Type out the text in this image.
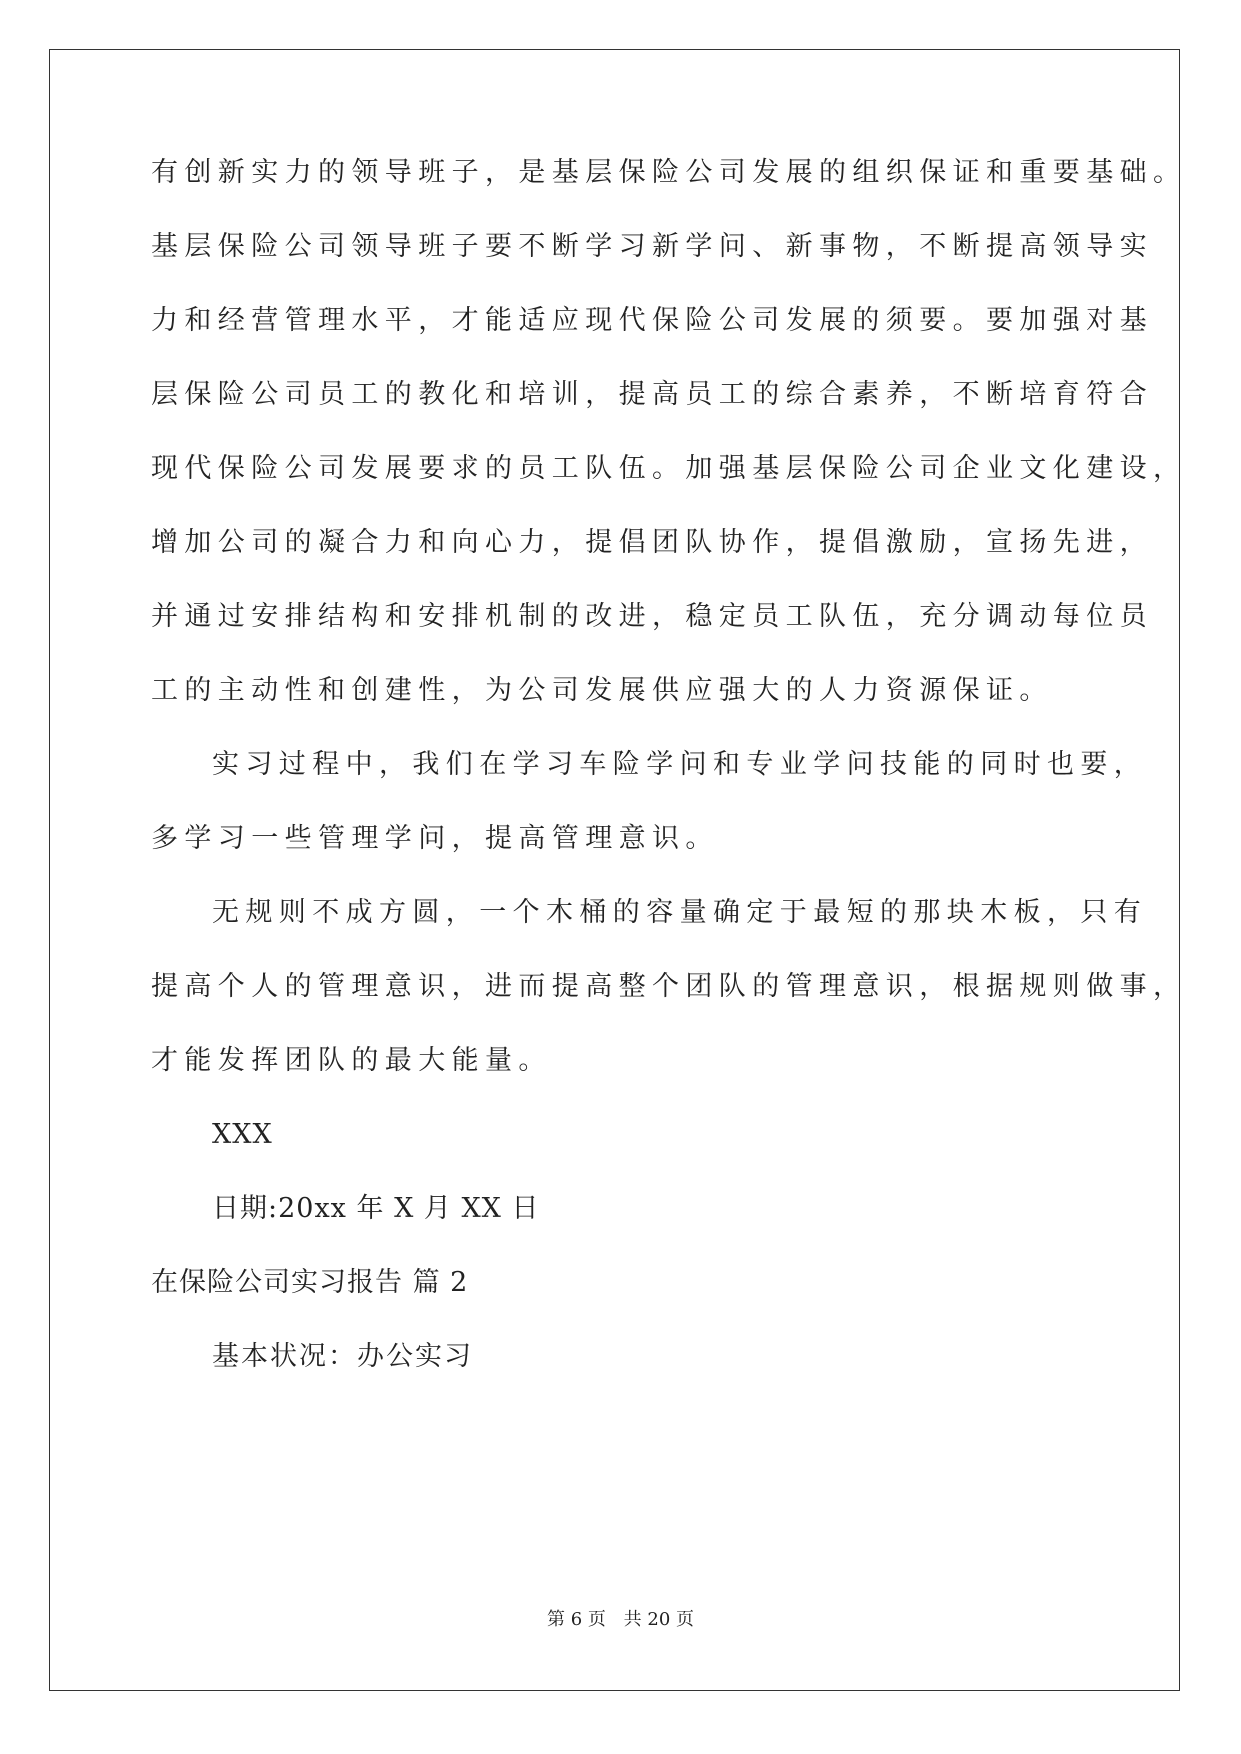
有创新实力的领导班子，是基层保险公司发展的组织保证和重要基础。
基层保险公司领导班子要不断学习新学问、新事物，不断提高领导实
力和经营管理水平，才能适应现代保险公司发展的须要。要加强对基
层保险公司员工的教化和培训，提高员工的综合素养，不断培育符合
现代保险公司发展要求的员工队伍。加强基层保险公司企业文化建设，
增加公司的凝合力和向心力，提倡团队协作，提倡激励，宣扬先进，
并通过安排结构和安排机制的改进，稳定员工队伍，充分调动每位员
工的主动性和创建性，为公司发展供应强大的人力资源保证。
实习过程中，我们在学习车险学问和专业学问技能的同时也要，
多学习一些管理学问，提高管理意识。
无规则不成方圆，一个木桶的容量确定于最短的那块木板，只有
提高个人的管理意识，进而提高整个团队的管理意识，根据规则做事，
才能发挥团队的最大能量。
XXX
日期:20xx 年 X 月 XX 日
在保险公司实习报告 篇 2
基本状况：办公实习
第 6 页 共 20 页
